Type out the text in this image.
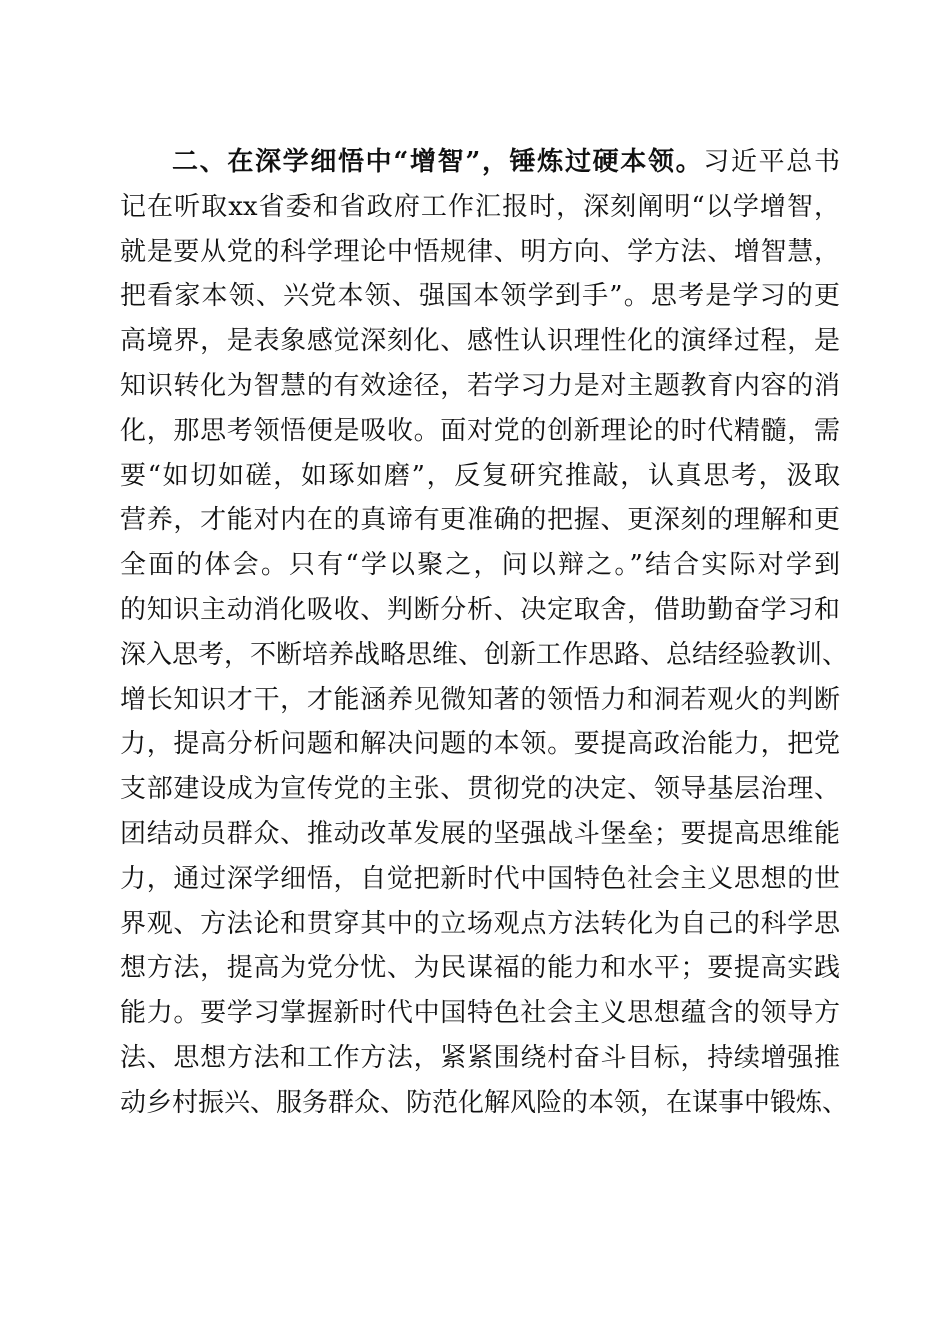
二、在深学细悟中“增智”，锤炼过硬本领。习近平总书
记在听取xx省委和省政府工作汇报时，深刻阐明“以学增智，
就是要从党的科学理论中悟规律、明方向、学方法、增智慧，
把看家本领、兴党本领、强国本领学到手”。思考是学习的更
高境界，是表象感觉深刻化、感性认识理性化的演绎过程，是
知识转化为智慧的有效途径，若学习力是对主题教育内容的消
化，那思考领悟便是吸收。面对党的创新理论的时代精髓，需
要“如切如磋，如琢如磨”，反复研究推敲，认真思考，汲取
营养，才能对内在的真谛有更准确的把握、更深刻的理解和更
全面的体会。只有“学以聚之，问以辩之。”结合实际对学到
的知识主动消化吸收、判断分析、决定取舍，借助勤奋学习和
深入思考，不断培养战略思维、创新工作思路、总结经验教训、
增长知识才干，才能涵养见微知著的领悟力和洞若观火的判断
力，提高分析问题和解决问题的本领。要提高政治能力，把党
支部建设成为宣传党的主张、贯彻党的决定、领导基层治理、
团结动员群众、推动改革发展的坚强战斗堡垒；要提高思维能
力，通过深学细悟，自觉把新时代中国特色社会主义思想的世
界观、方法论和贯穿其中的立场观点方法转化为自己的科学思
想方法，提高为党分忧、为民谋福的能力和水平；要提高实践
能力。要学习掌握新时代中国特色社会主义思想蕴含的领导方
法、思想方法和工作方法，紧紧围绕村奋斗目标，持续增强推
动乡村振兴、服务群众、防范化解风险的本领，在谋事中锻炼、
